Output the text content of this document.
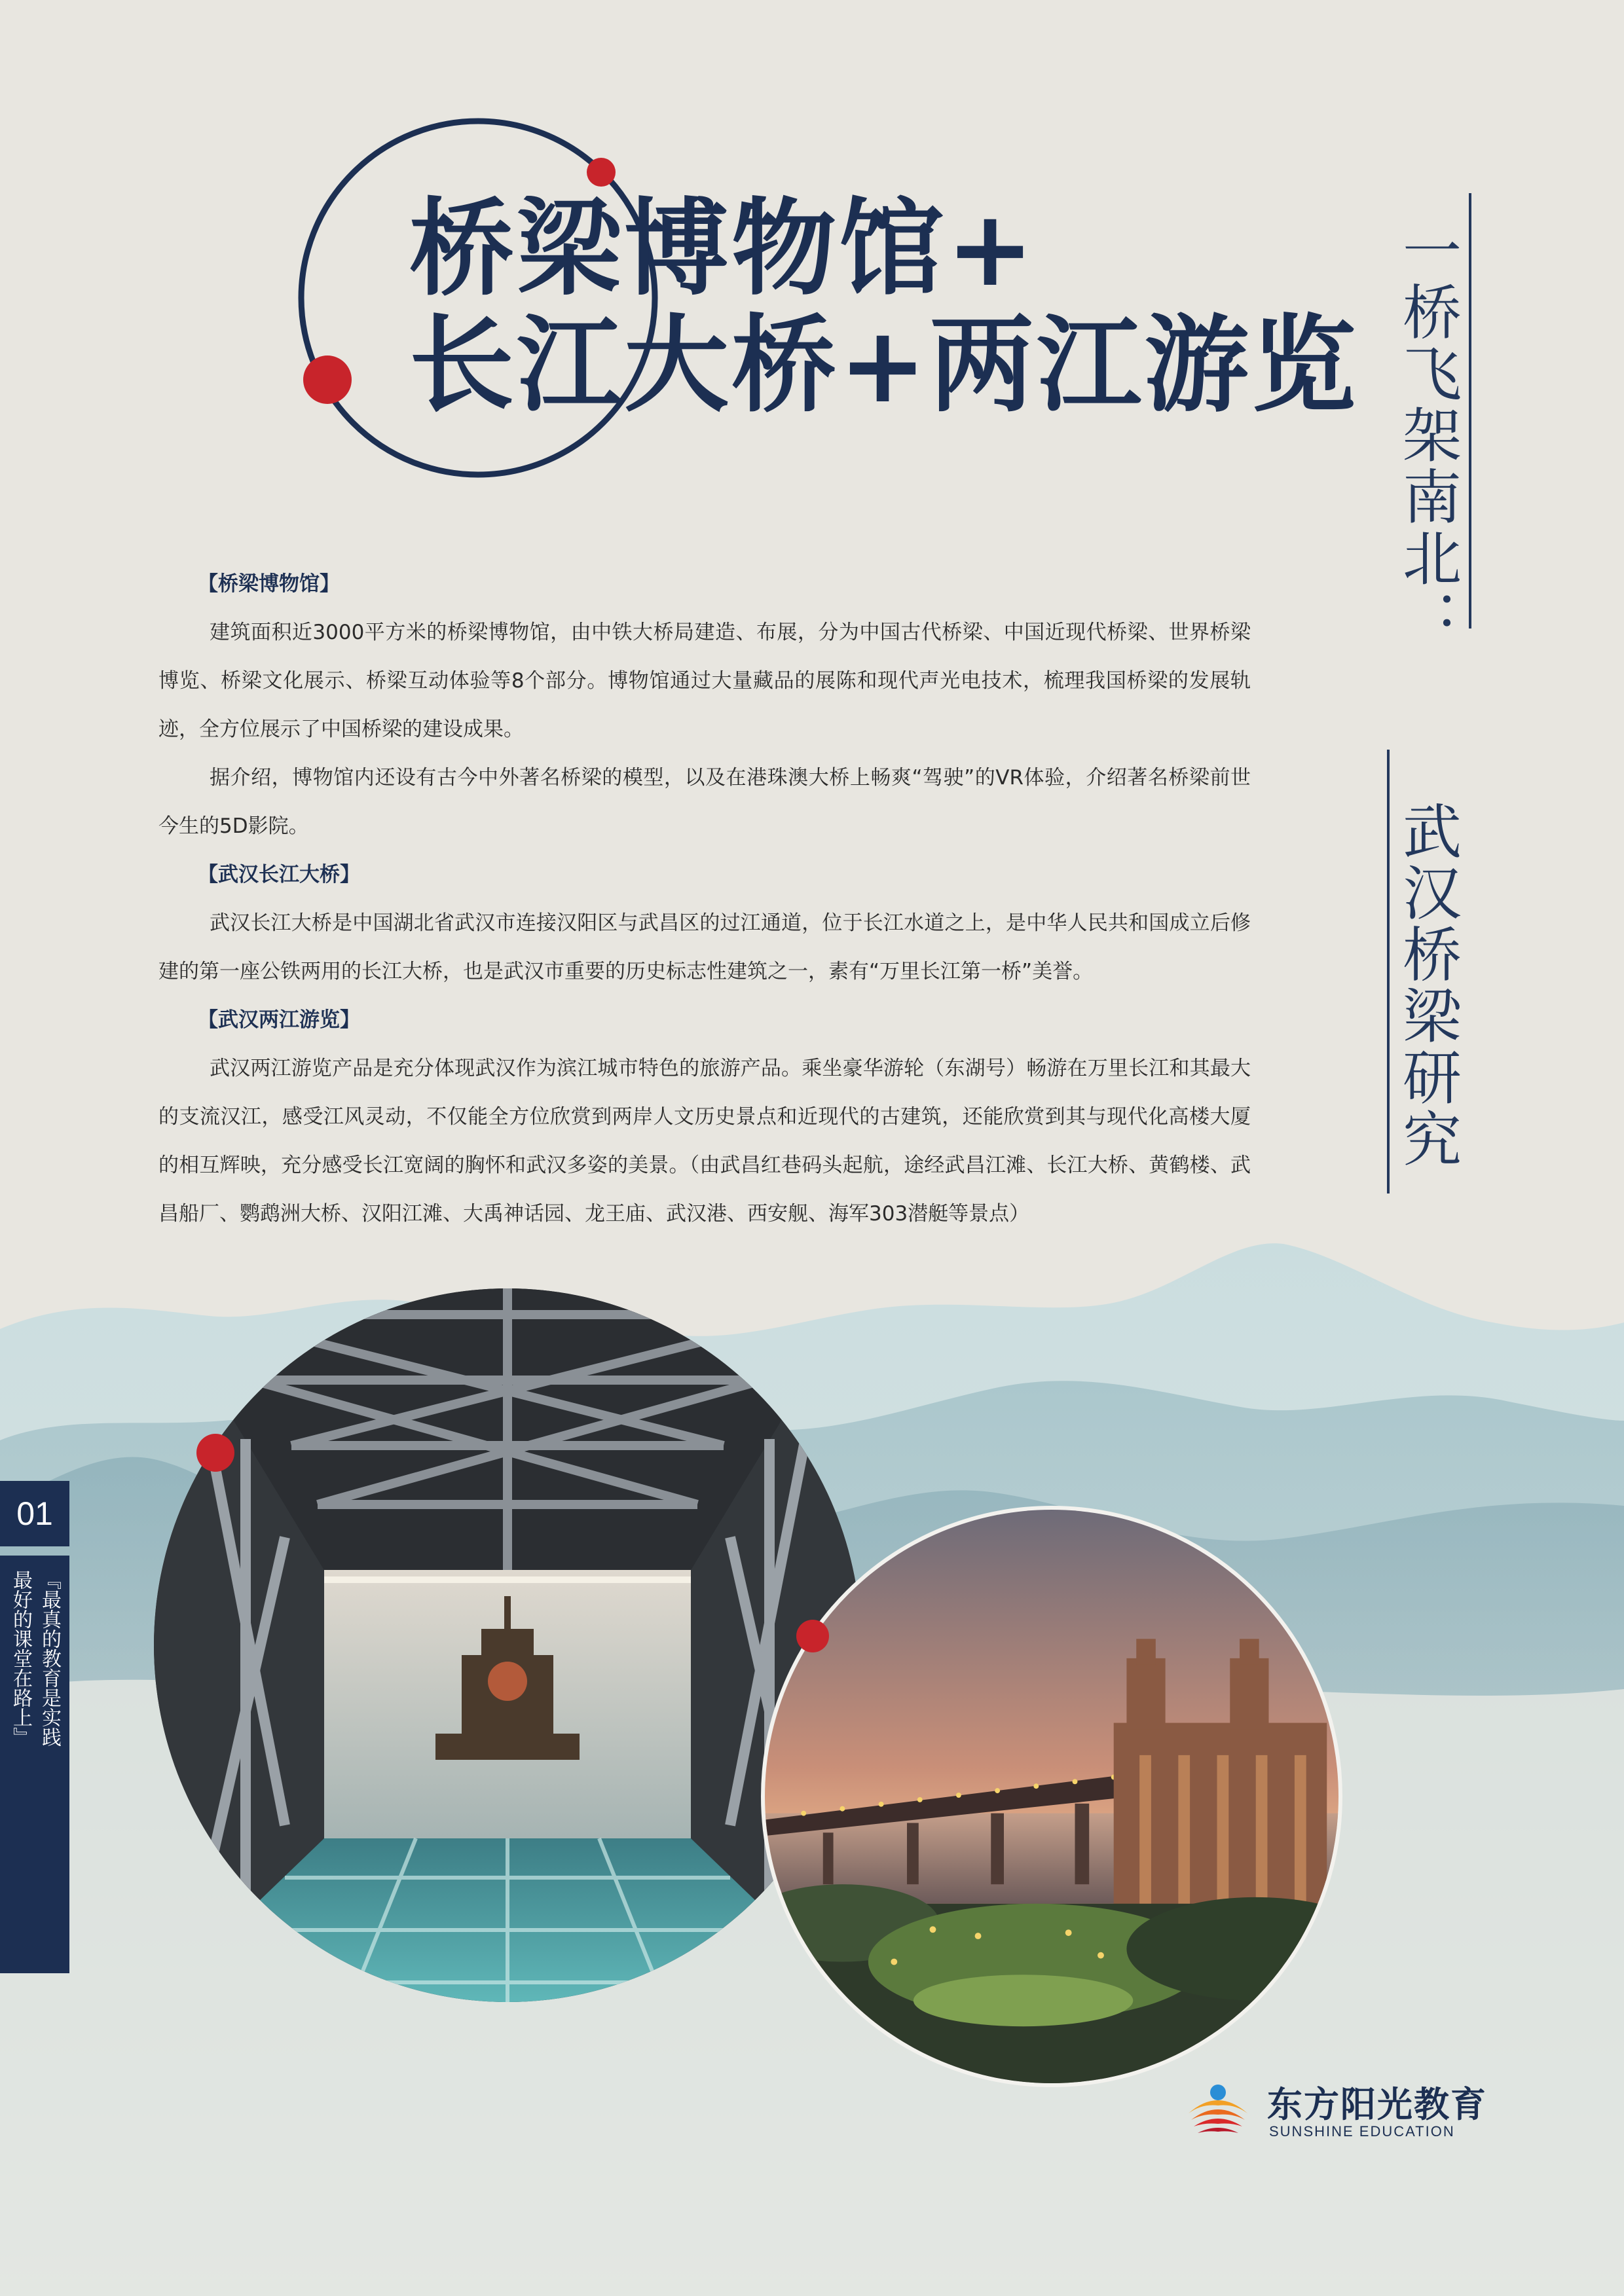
桥梁博物馆+
长江大桥+两江游览 一桥飞架南北：
武汉桥梁研究

【桥梁博物馆】

建筑面积近3000平方米的桥梁博物馆，由中铁大桥局建造、布展，分为中国古代桥梁、中国近现代桥梁、世界桥梁博览、桥梁文化展示、桥梁互动体验等8个部分。博物馆通过大量藏品的展陈和现代声光电技术，梳理我国桥梁的发展轨迹，全方位展示了中国桥梁的建设成果。

据介绍，博物馆内还设有古今中外著名桥梁的模型，以及在港珠澳大桥上畅爽“驾驶”的VR体验，介绍著名桥梁前世今生的5D影院。

【武汉长江大桥】

武汉长江大桥是中国湖北省武汉市连接汉阳区与武昌区的过江通道，位于长江水道之上，是中华人民共和国成立后修建的第一座公铁两用的长江大桥，也是武汉市重要的历史标志性建筑之一，素有“万里长江第一桥”美誉。

【武汉两江游览】

武汉两江游览产品是充分体现武汉作为滨江城市特色的旅游产品。乘坐豪华游轮（东湖号）畅游在万里长江和其最大的支流汉江，感受江风灵动，不仅能全方位欣赏到两岸人文历史景点和近现代的古建筑，还能欣赏到其与现代化高楼大厦的相互辉映，充分感受长江宽阔的胸怀和武汉多姿的美景。（由武昌红巷码头起航，途经武昌江滩、长江大桥、黄鹤楼、武昌船厂、鹦鹉洲大桥、汉阳江滩、大禹神话园、龙王庙、武汉港、西安舰、海军303潜艇等景点）

01
『最真的教育是实践
最好的课堂在路上』
东方阳光教育
SUNSHINE EDUCATION
